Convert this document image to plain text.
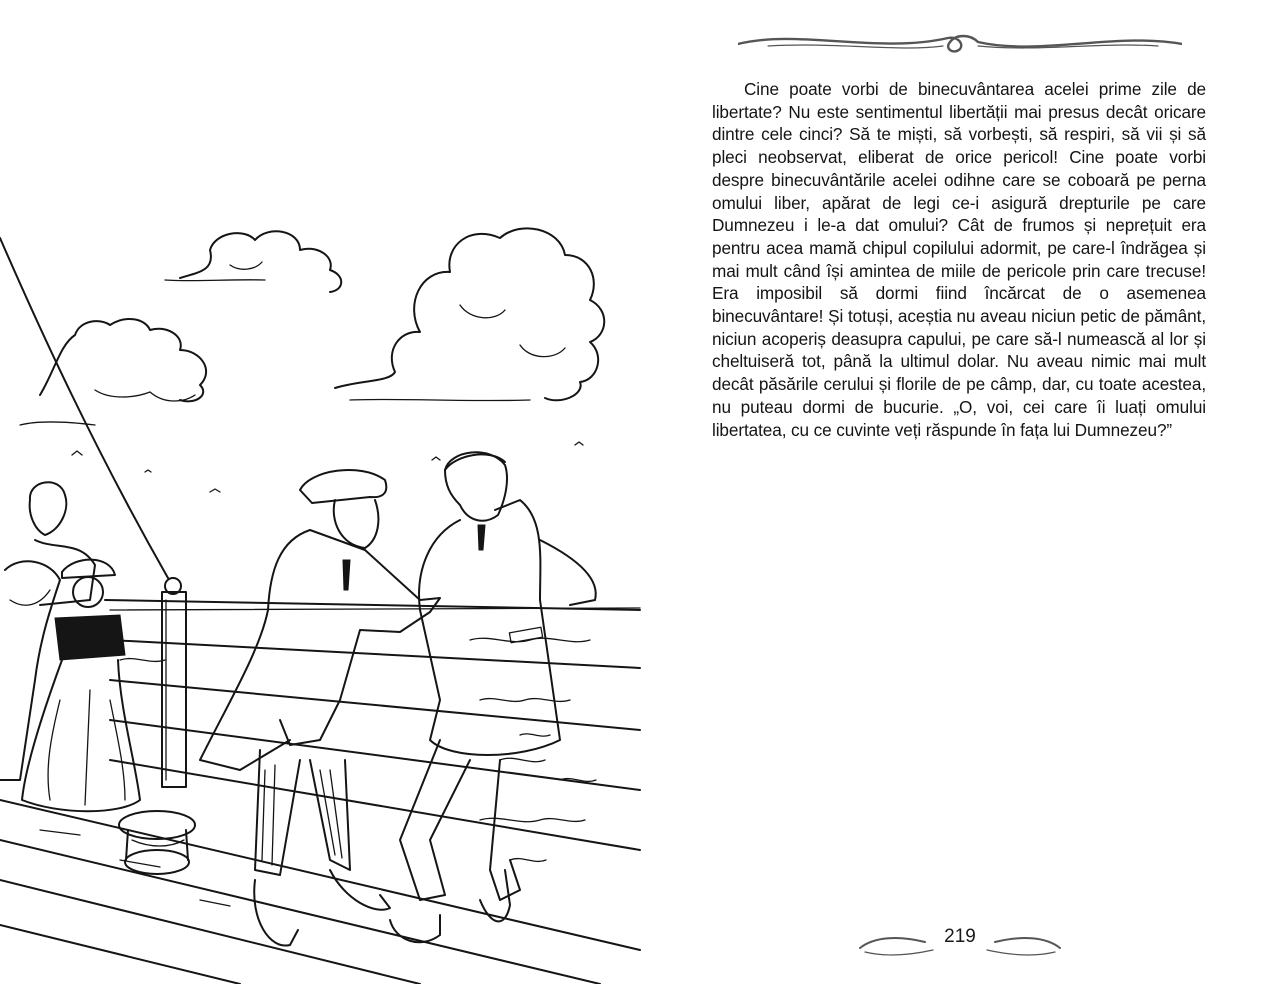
Cine poate vorbi de binecuvântarea acelei prime zile de libertate? Nu este sentimentul libertății mai presus decât oricare dintre cele cinci? Să te miști, să vorbești, să respiri, să vii și să pleci neobservat, eliberat de orice pericol! Cine poate vorbi despre binecuvântările acelei odihne care se coboară pe perna omului liber, apărat de legi ce-i asigură drepturile pe care Dumnezeu i le-a dat omului? Cât de frumos și neprețuit era pentru acea mamă chipul copilului adormit, pe care-l îndrăgea și mai mult când își amintea de miile de pericole prin care trecuse! Era imposibil să dormi fiind încărcat de o asemenea binecuvântare! Și totuși, aceștia nu aveau niciun petic de pământ, niciun acoperiș deasupra capului, pe care să-l numească al lor și cheltuiseră tot, până la ultimul dolar. Nu aveau nimic mai mult decât păsările cerului și florile de pe câmp, dar, cu toate acestea, nu puteau dormi de bucurie. „O, voi, cei care îi luați omului libertatea, cu ce cuvinte veți răspunde în fața lui Dumnezeu?”

219
